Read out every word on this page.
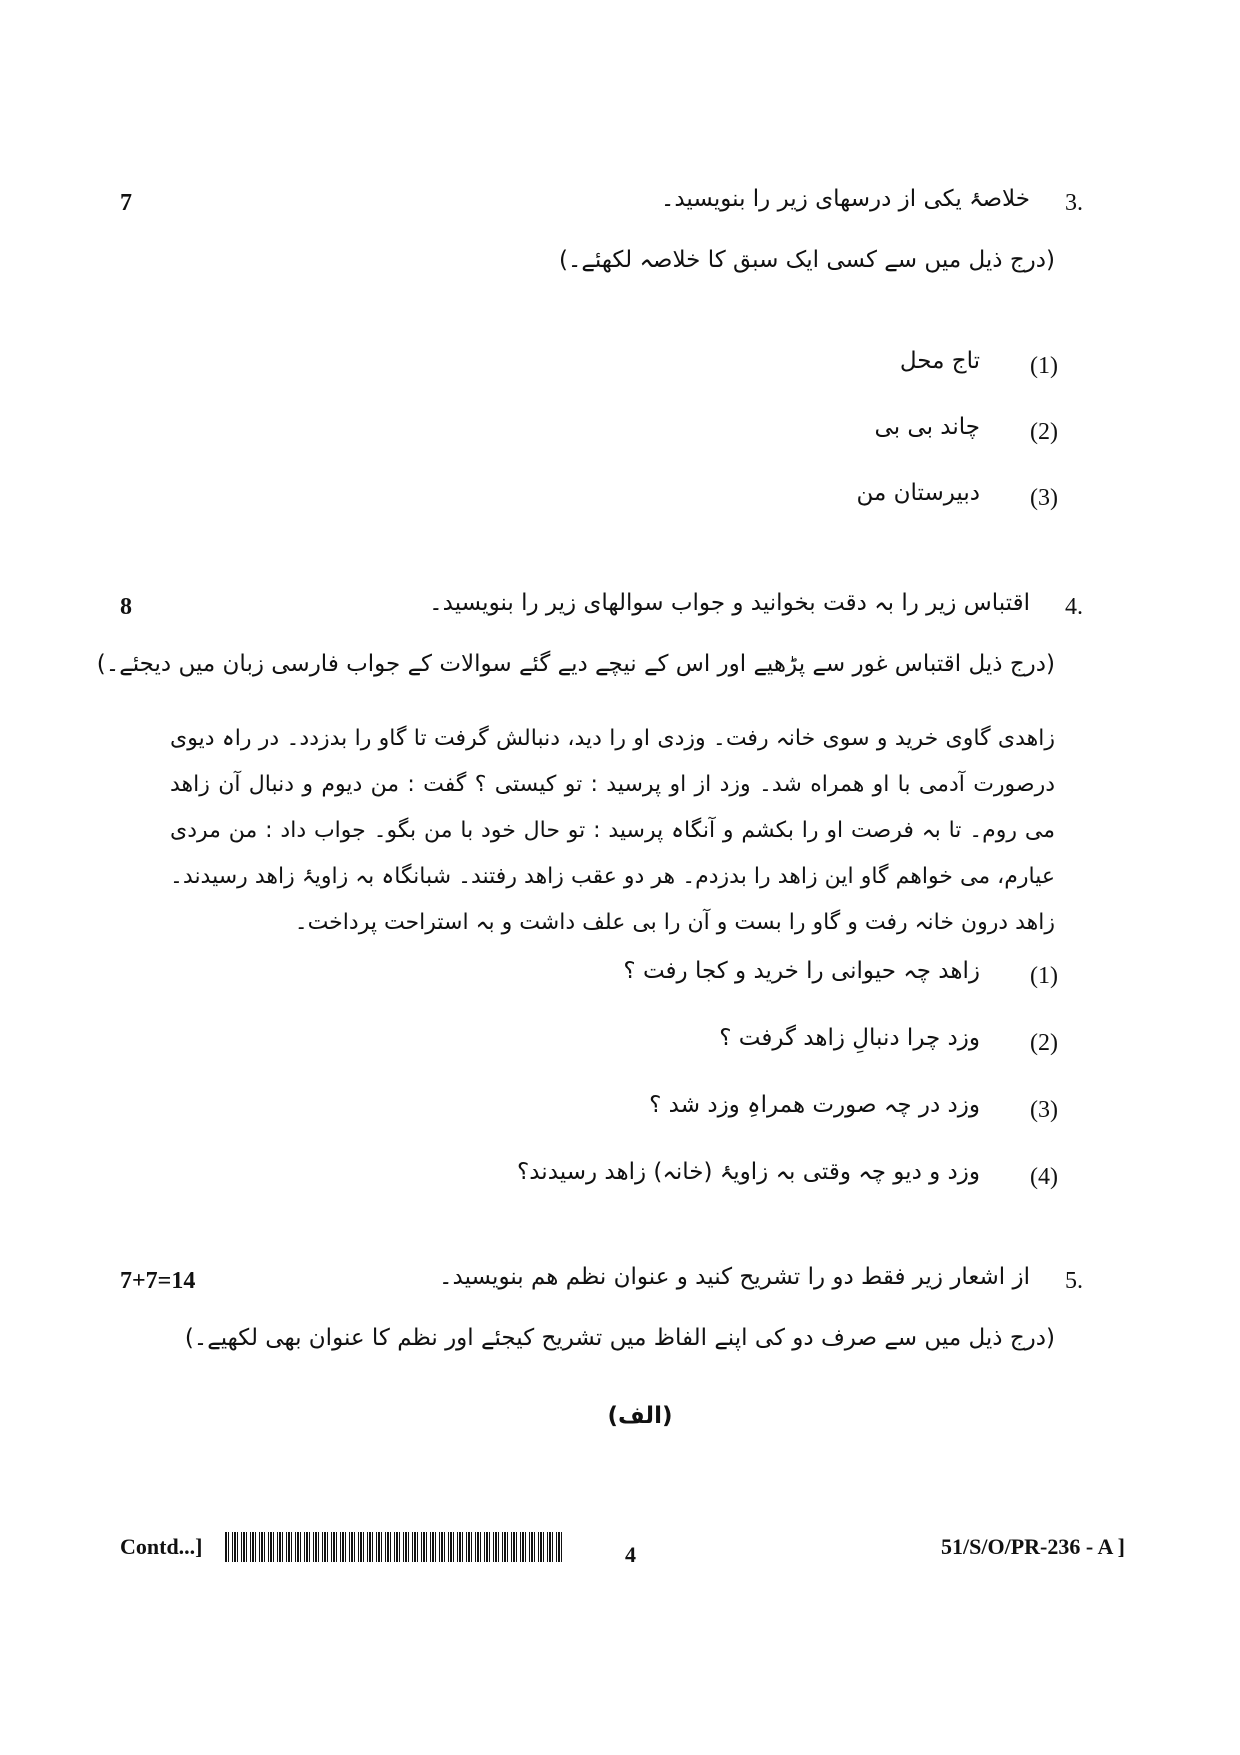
7	3.
خلاصۂ یکی از درسهای زیر را بنویسید۔
(درج ذیل میں سے کسی ایک سبق کا خلاصہ لکھئے۔)
(1)
تاج محل
(2)
چاند بی بی
(3)
دبیرستان من
8	4.
اقتباس زیر را بہ دقت بخوانید و جواب سوالهای زیر را بنویسید۔
(درج ذیل اقتباس غور سے پڑھیے اور اس کے نیچے دیے گئے سوالات کے جواب فارسی زبان میں دیجئے۔)
زاهدی گاوی خرید و سوی خانہ رفت۔ وزدی او را دید، دنبالش گرفت تا گاو را بدزدد۔ در راہ دیوی درصورت آدمی با او همراه شد۔ وزد از او پرسید : تو کیستی ؟ گفت : من دیوم و دنبال آن زاهد می روم۔ تا بہ فرصت او را بکشم و آنگاہ پرسید : تو حال خود با من بگو۔ جواب داد : من مردی عیارم، می خواهم گاو این زاهد را بدزدم۔ هر دو عقب زاهد رفتند۔ شبانگاہ بہ زاویۂ زاهد رسیدند۔ زاهد درون خانہ رفت و گاو را بست و آن را بی علف داشت و بہ استراحت پرداخت۔
(1)
زاهد چہ حیوانی را خرید و کجا رفت ؟
(2)
وزد چرا دنبالِ زاهد گرفت ؟
(3)
وزد در چہ صورت همراہِ وزد شد ؟
(4)
وزد و دیو چہ وقتی بہ زاویۂ (خانہ) زاهد رسیدند؟
7+7=14	5.
از اشعار زیر فقط دو را تشریح کنید و عنوان نظم هم بنویسید۔
(درج ذیل میں سے صرف دو کی اپنے الفاظ میں تشریح کیجئے اور نظم کا عنوان بھی لکھیے۔)
(الف)
Contd...]	4	51/S/O/PR-236 - A ]
